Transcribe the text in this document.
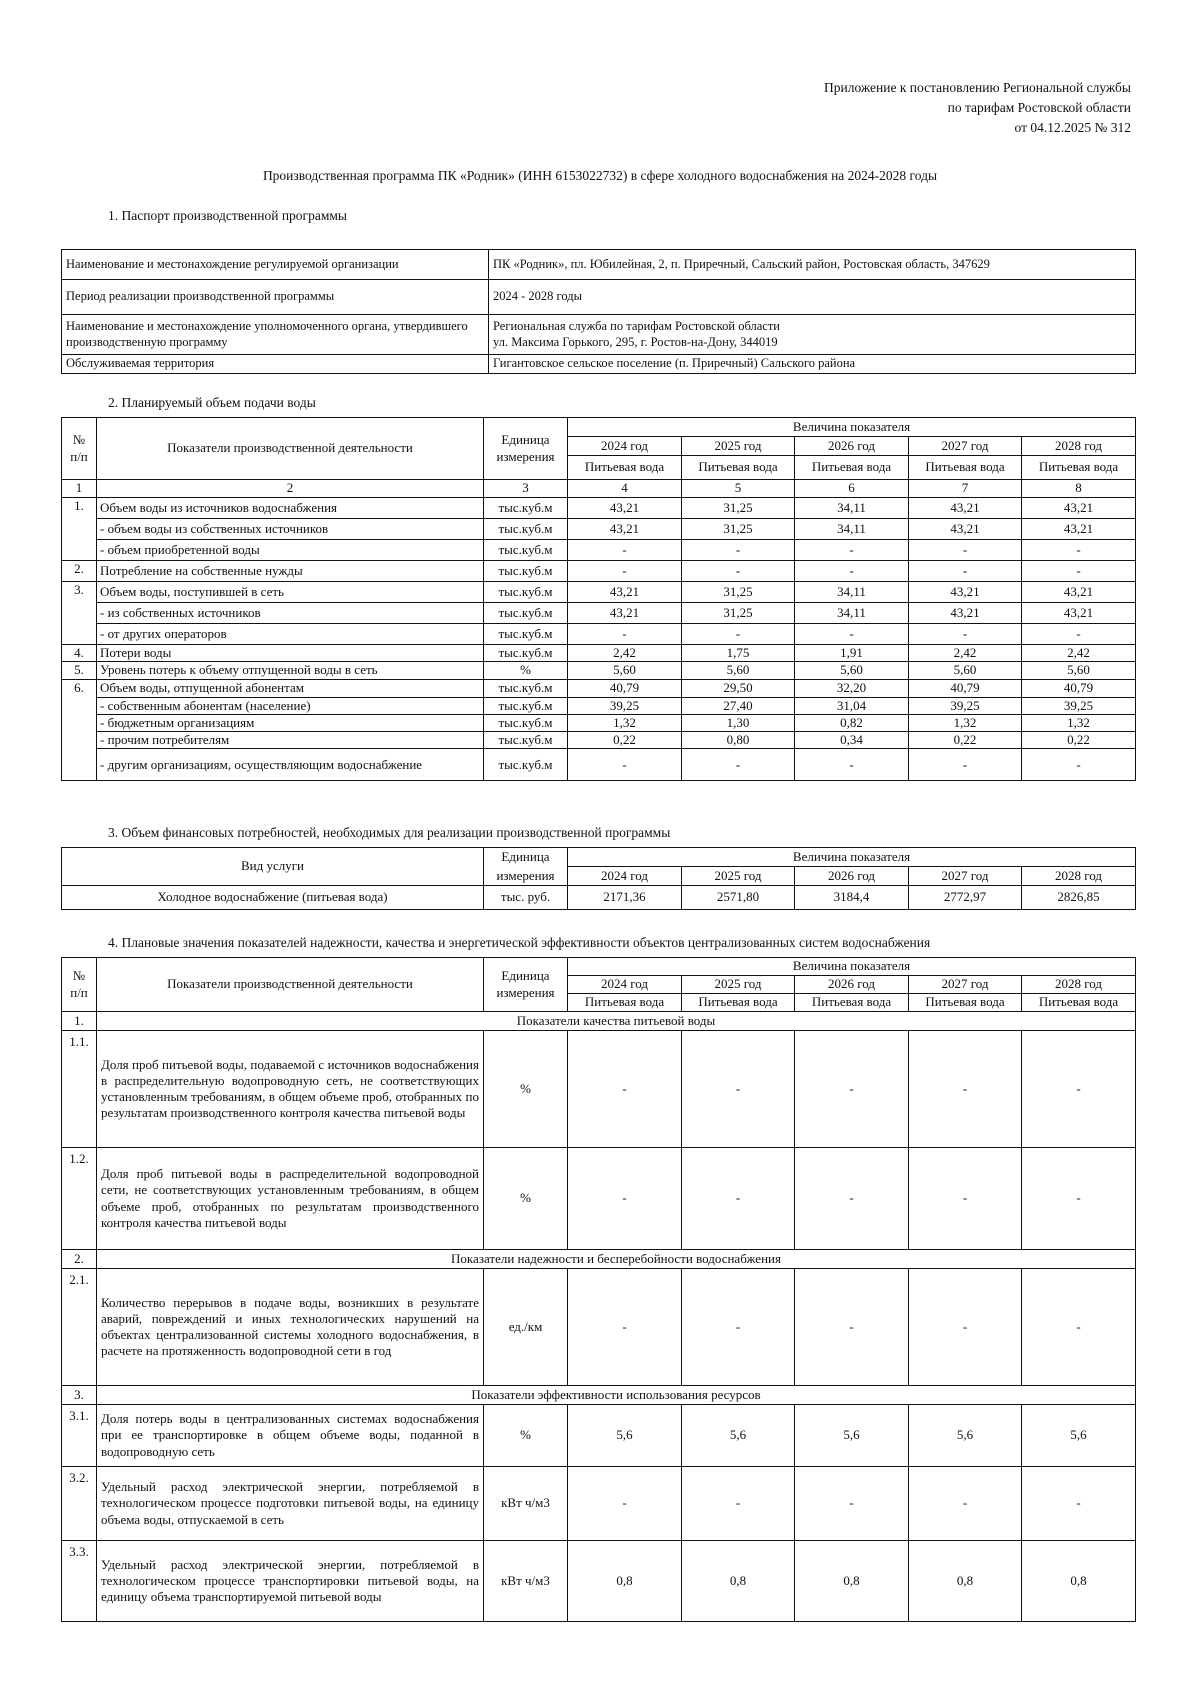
Приложение к постановлению Региональной службы
по тарифам Ростовской области
от 04.12.2025 № 312
Производственная программа ПК «Родник» (ИНН 6153022732) в сфере холодного водоснабжения на 2024-2028 годы
1. Паспорт производственной программы
Наименование и местонахождение регулируемой организации	ПК «Родник», пл. Юбилейная, 2, п. Приречный, Сальский район, Ростовская область, 347629
Период реализации производственной программы	2024 - 2028 годы
Наименование и местонахождение уполномоченного органа, утвердившего производственную программу	Региональная служба по тарифам Ростовской области
ул. Максима Горького, 295, г. Ростов-на-Дону, 344019

Обслуживаемая территория	Гигантовское сельское поселение (п. Приречный) Сальского района
2. Планируемый объем подачи воды
№ п/п	Показатели производственной деятельности	Единица измерения	Величина показателя				
			2024 год	2025 год	2026 год	2027 год	2028 год
			Питьевая вода	Питьевая вода	Питьевая вода	Питьевая вода	Питьевая вода
1	2	3	4	5	6	7	8
1.	Объем воды из источников водоснабжения	тыс.куб.м	43,21	31,25	34,11	43,21	43,21
	- объем воды из собственных источников	тыс.куб.м	43,21	31,25	34,11	43,21	43,21
	- объем приобретенной воды	тыс.куб.м	-	-	-	-	-
2.	Потребление на собственные нужды	тыс.куб.м	-	-	-	-	-
3.	Объем воды, поступившей в сеть	тыс.куб.м	43,21	31,25	34,11	43,21	43,21
	- из собственных источников	тыс.куб.м	43,21	31,25	34,11	43,21	43,21
	- от других операторов	тыс.куб.м	-	-	-	-	-
4.	Потери воды	тыс.куб.м	2,42	1,75	1,91	2,42	2,42
5.	Уровень потерь к объему отпущенной воды в сеть	%	5,60	5,60	5,60	5,60	5,60
6.	Объем воды, отпущенной абонентам	тыс.куб.м	40,79	29,50	32,20	40,79	40,79
	- собственным абонентам (население)	тыс.куб.м	39,25	27,40	31,04	39,25	39,25
	- бюджетным организациям	тыс.куб.м	1,32	1,30	0,82	1,32	1,32
	- прочим потребителям	тыс.куб.м	0,22	0,80	0,34	0,22	0,22
	- другим организациям, осуществляющим водоснабжение	тыс.куб.м	-	-	-	-	-
3. Объем финансовых потребностей, необходимых для реализации производственной программы
Вид услуги	Единица	Величина показателя				
	измерения	2024 год	2025 год	2026 год	2027 год	2028 год
Холодное водоснабжение (питьевая вода)	тыс. руб.	2171,36	2571,80	3184,4	2772,97	2826,85
4. Плановые значения показателей надежности, качества и энергетической эффективности объектов централизованных систем водоснабжения
№ п/п	Показатели производственной деятельности	Единица измерения	Величина показателя				
			2024 год	2025 год	2026 год	2027 год	2028 год
			Питьевая вода	Питьевая вода	Питьевая вода	Питьевая вода	Питьевая вода
1.	Показатели качества питьевой воды						
1.1.	Доля проб питьевой воды, подаваемой с источников водоснабжения в распределительную водопроводную сеть, не соответствующих установленным требованиям, в общем объеме проб, отобранных по результатам производственного контроля качества питьевой воды	%	-	-	-	-	-
1.2.	Доля проб питьевой воды в распределительной водопроводной сети, не соответствующих установленным требованиям, в общем объеме проб, отобранных по результатам производственного контроля качества питьевой воды	%	-	-	-	-	-
2.	Показатели надежности и бесперебойности водоснабжения						
2.1.	Количество перерывов в подаче воды, возникших в результате аварий, повреждений и иных технологических нарушений на объектах централизованной системы холодного водоснабжения, в расчете на протяженность водопроводной сети в год	ед./км	-	-	-	-	-
3.	Показатели эффективности использования ресурсов						
3.1.	Доля потерь воды в централизованных системах водоснабжения при ее транспортировке в общем объеме воды, поданной в водопроводную сеть	%	5,6	5,6	5,6	5,6	5,6
3.2.	Удельный расход электрической энергии, потребляемой в технологическом процессе подготовки питьевой воды, на единицу объема воды, отпускаемой в сеть	кВт ч/м3	-	-	-	-	-
3.3.	Удельный расход электрической энергии, потребляемой в технологическом процессе транспортировки питьевой воды, на единицу объема транспортируемой питьевой воды	кВт ч/м3	0,8	0,8	0,8	0,8	0,8
